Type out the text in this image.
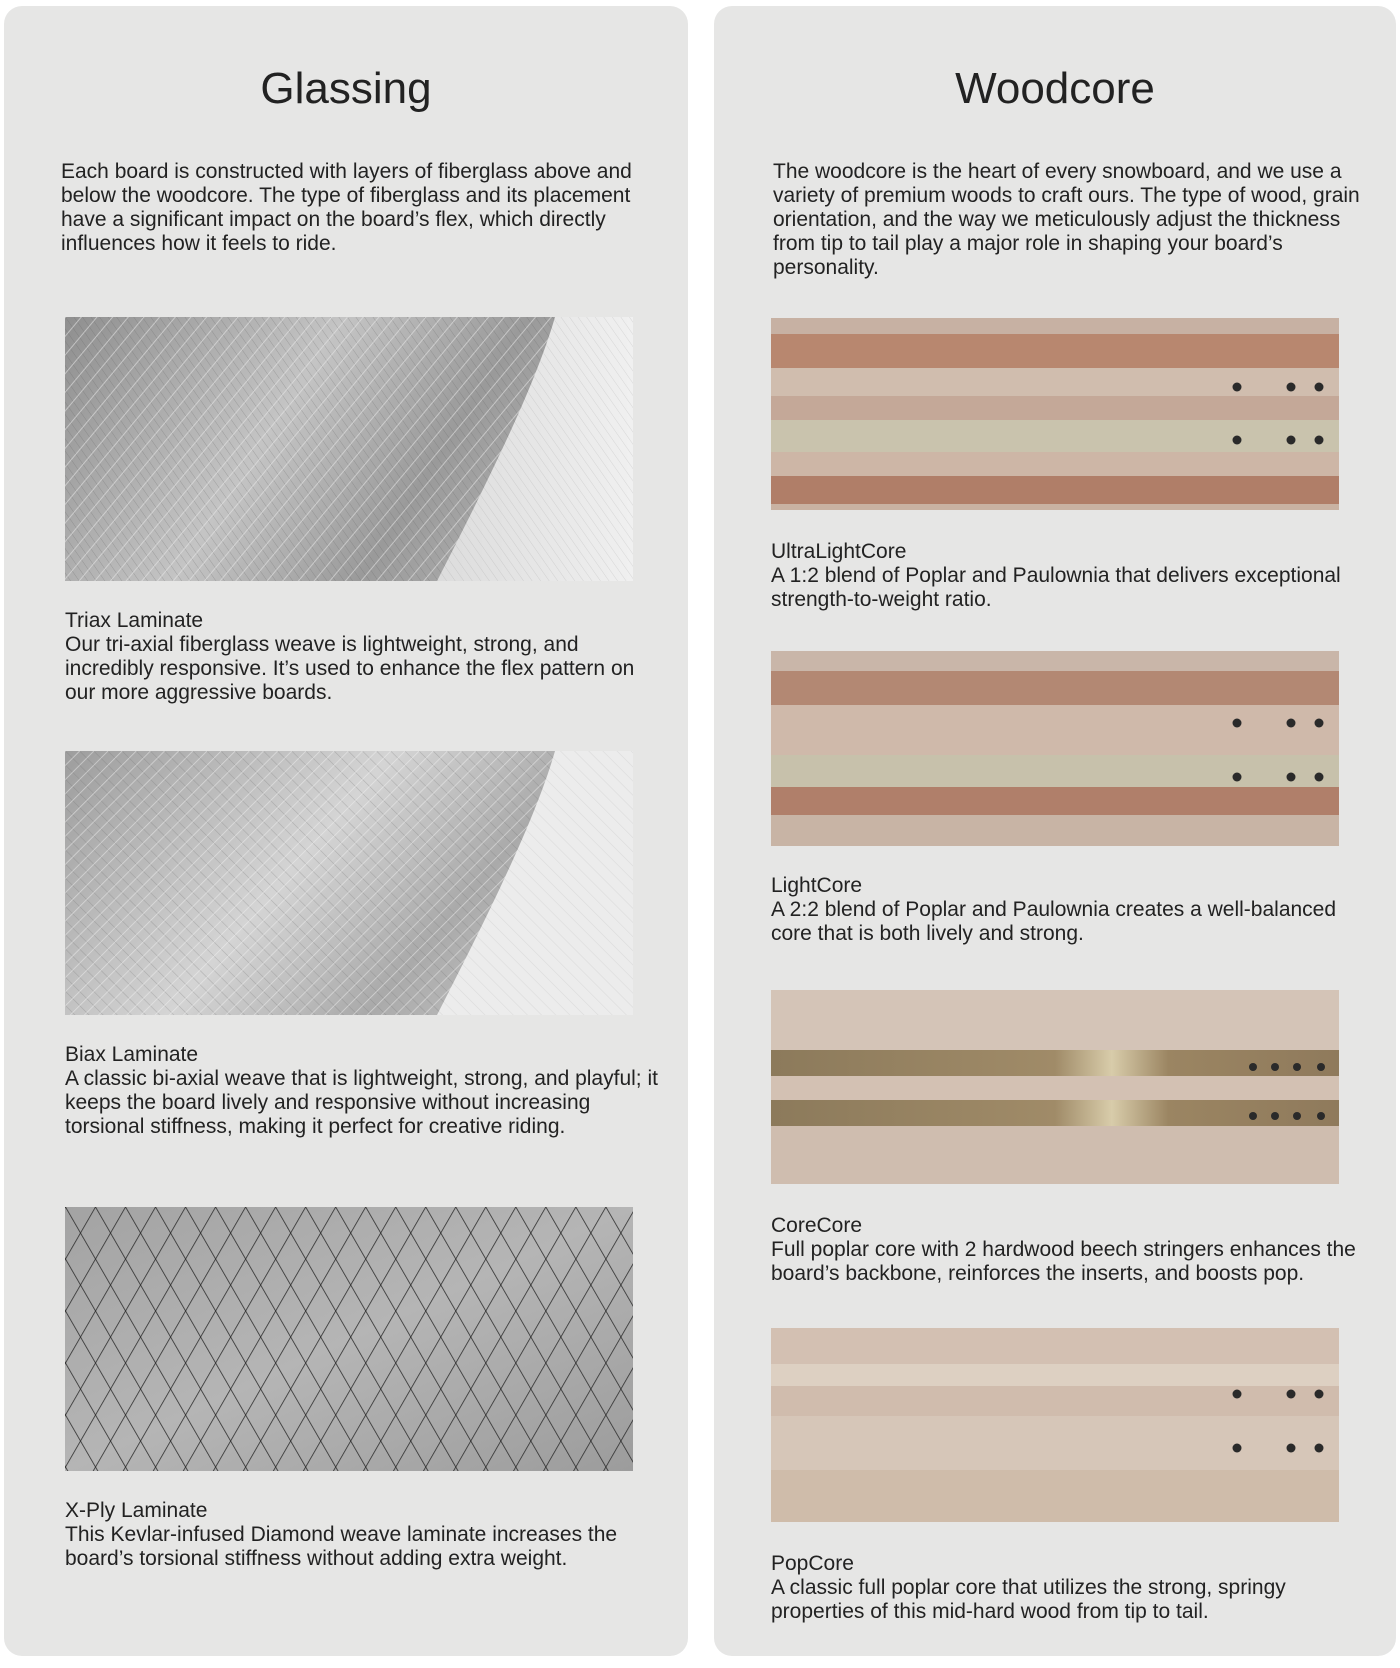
Glassing

Each board is constructed with layers of fiberglass above and below the woodcore. The type of fiberglass and its placement have a significant impact on the board’s flex, which directly influences how it feels to ride.

Triax Laminate
Our tri-axial fiberglass weave is lightweight, strong, and incredibly responsive. It’s used to enhance the flex pattern on our more aggressive boards.
Biax Laminate
A classic bi-axial weave that is lightweight, strong, and playful; it keeps the board lively and responsive without increasing torsional stiffness, making it perfect for creative riding.
X-Ply Laminate
This Kevlar-infused Diamond weave laminate increases the board’s torsional stiffness without adding extra weight.
Woodcore

The woodcore is the heart of every snowboard, and we use a variety of premium woods to craft ours. The type of wood, grain orientation, and the way we meticulously adjust the thickness from tip to tail play a major role in shaping your board’s personality.

UltraLightCore
A 1:2 blend of Poplar and Paulownia that delivers exceptional strength-to-weight ratio.
LightCore
A 2:2 blend of Poplar and Paulownia creates a well-balanced core that is both lively and strong.
CoreCore
Full poplar core with 2 hardwood beech stringers enhances the board’s backbone, reinforces the inserts, and boosts pop.
PopCore
A classic full poplar core that utilizes the strong, springy properties of this mid-hard wood from tip to tail.
